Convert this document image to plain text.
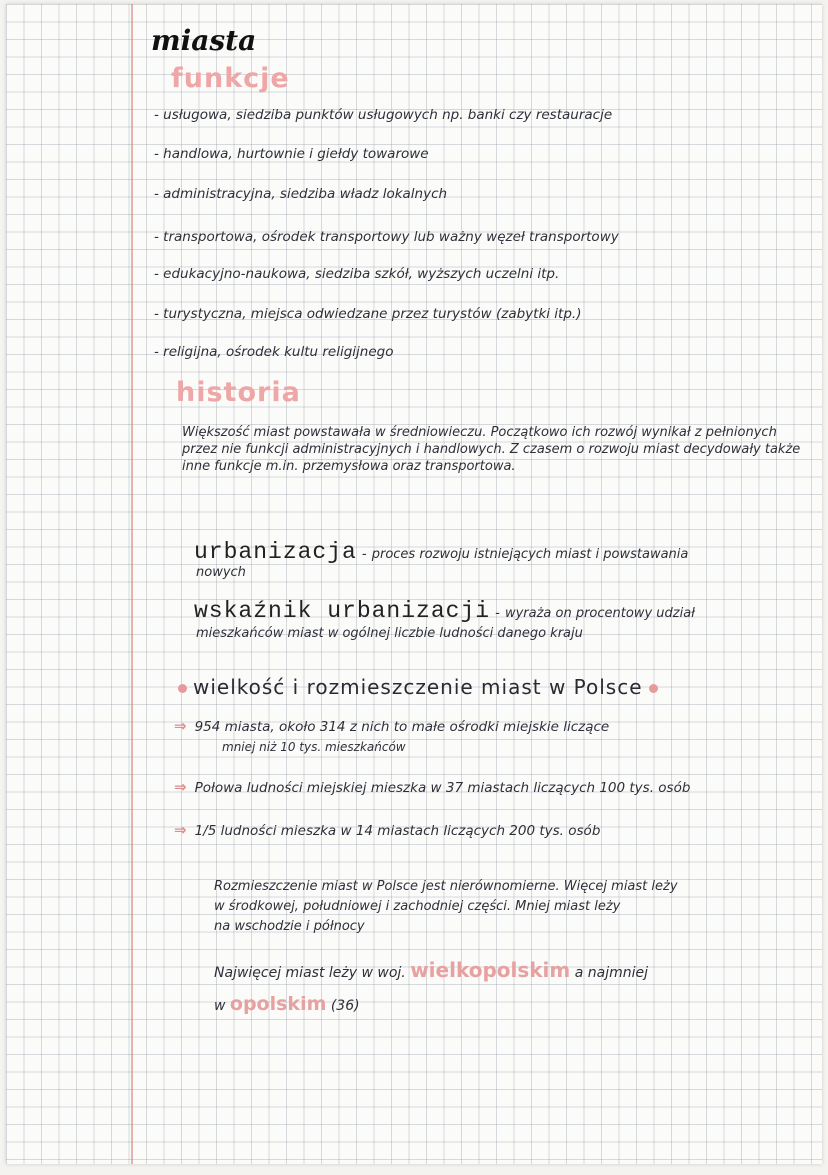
miasta
funkcje
- usługowa, siedziba punktów usługowych np. banki czy restauracje
- handlowa, hurtownie i giełdy towarowe
- administracyjna, siedziba władz lokalnych
- transportowa, ośrodek transportowy lub ważny węzeł transportowy
- edukacyjno-naukowa, siedziba szkół, wyższych uczelni itp.
- turystyczna, miejsca odwiedzane przez turystów (zabytki itp.)
- religijna, ośrodek kultu religijnego
historia
Większość miast powstawała w średniowieczu. Początkowo ich rozwój wynikał z pełnionych przez nie funkcji administracyjnych i handlowych. Z czasem o rozwoju miast decydowały także inne funkcje m.in. przemysłowa oraz transportowa.
urbanizacja - proces rozwoju istniejących miast i powstawania
nowych
wskaźnik urbanizacji - wyraża on procentowy udział
mieszkańców miast w ogólnej liczbie ludności danego kraju
wielkość i rozmieszczenie miast w Polsce
⇒ 954 miasta, około 314 z nich to małe ośrodki miejskie liczące
mniej niż 10 tys. mieszkańców
⇒ Połowa ludności miejskiej mieszka w 37 miastach liczących 100 tys. osób
⇒ 1/5 ludności mieszka w 14 miastach liczących 200 tys. osób
Rozmieszczenie miast w Polsce jest nierównomierne. Więcej miast leży
w środkowej, południowej i zachodniej części. Mniej miast leży
na wschodzie i północy
Najwięcej miast leży w woj. wielkopolskim a najmniej
w opolskim (36)
